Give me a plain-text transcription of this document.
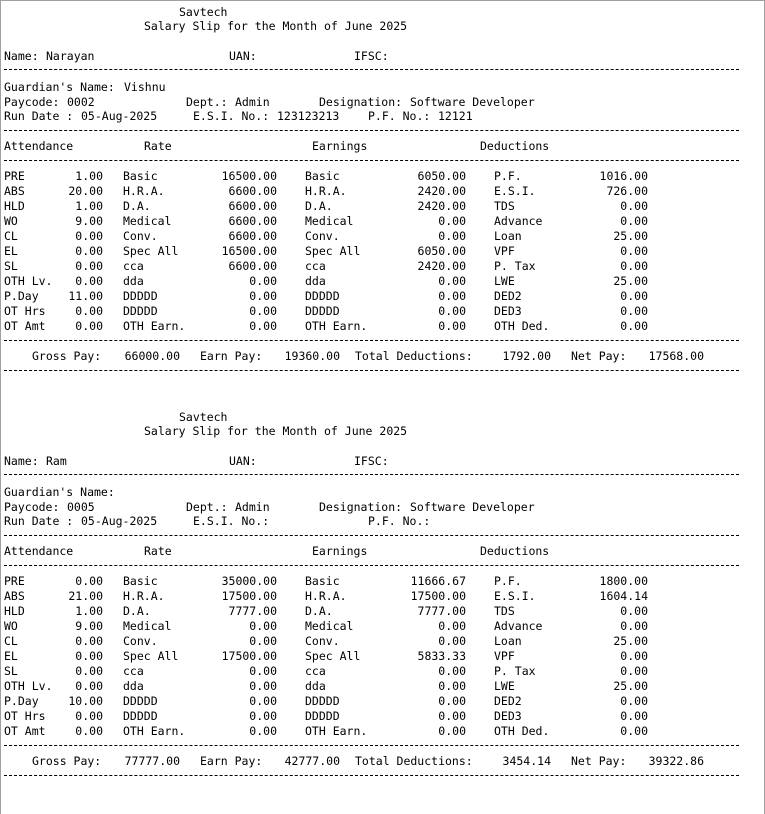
Savtech
Salary Slip for the Month of June 2025
Name: Narayan	UAN:	IFSC:
Guardian's Name: Vishnu
Paycode: 0002	Dept.: Admin	Designation: Software Developer
Run Date : 05-Aug-2025	E.S.I. No.: 123123213 P.F. No.: 12121
Attendance	Rate	Earnings	Deductions
PRE	1.00 Basic	16500.00 Basic	6050.00 P.F.	1016.00
ABS	20.00 H.R.A.	6600.00 H.R.A.	2420.00 E.S.I.	726.00
HLD	1.00 D.A.	6600.00 D.A.	2420.00 TDS	0.00
WO	9.00 Medical	6600.00 Medical	0.00 Advance	0.00
CL	0.00 Conv.	6600.00 Conv.	0.00 Loan	25.00
EL	0.00 Spec All	16500.00 Spec All	6050.00 VPF	0.00
SL	0.00 cca	6600.00 cca	2420.00 P. Tax	0.00
OTH Lv.	0.00 dda	0.00 dda	0.00 LWE	25.00
P.Day	11.00 DDDDD	0.00 DDDDD	0.00 DED2	0.00
OT Hrs	0.00 DDDDD	0.00 DDDDD	0.00 DED3	0.00
OT Amt	0.00 OTH Earn.	0.00 OTH Earn.	0.00 OTH Ded.	0.00
Gross Pay:	66000.00 Earn Pay:	19360.00 Total Deductions:	1792.00 Net Pay:	17568.00
Savtech
Salary Slip for the Month of June 2025
Name: Ram	UAN:	IFSC:
Guardian's Name:
Paycode: 0005	Dept.: Admin	Designation: Software Developer
Run Date : 05-Aug-2025	E.S.I. No.:	P.F. No.:
Attendance	Rate	Earnings	Deductions
PRE	0.00 Basic	35000.00 Basic	11666.67 P.F.	1800.00
ABS	21.00 H.R.A.	17500.00 H.R.A.	17500.00 E.S.I.	1604.14
HLD	1.00 D.A.	7777.00 D.A.	7777.00 TDS	0.00
WO	9.00 Medical	0.00 Medical	0.00 Advance	0.00
CL	0.00 Conv.	0.00 Conv.	0.00 Loan	25.00
EL	0.00 Spec All	17500.00 Spec All	5833.33 VPF	0.00
SL	0.00 cca	0.00 cca	0.00 P. Tax	0.00
OTH Lv.	0.00 dda	0.00 dda	0.00 LWE	25.00
P.Day	10.00 DDDDD	0.00 DDDDD	0.00 DED2	0.00
OT Hrs	0.00 DDDDD	0.00 DDDDD	0.00 DED3	0.00
OT Amt	0.00 OTH Earn.	0.00 OTH Earn.	0.00 OTH Ded.	0.00
Gross Pay:	77777.00 Earn Pay:	42777.00 Total Deductions:	3454.14 Net Pay:	39322.86
